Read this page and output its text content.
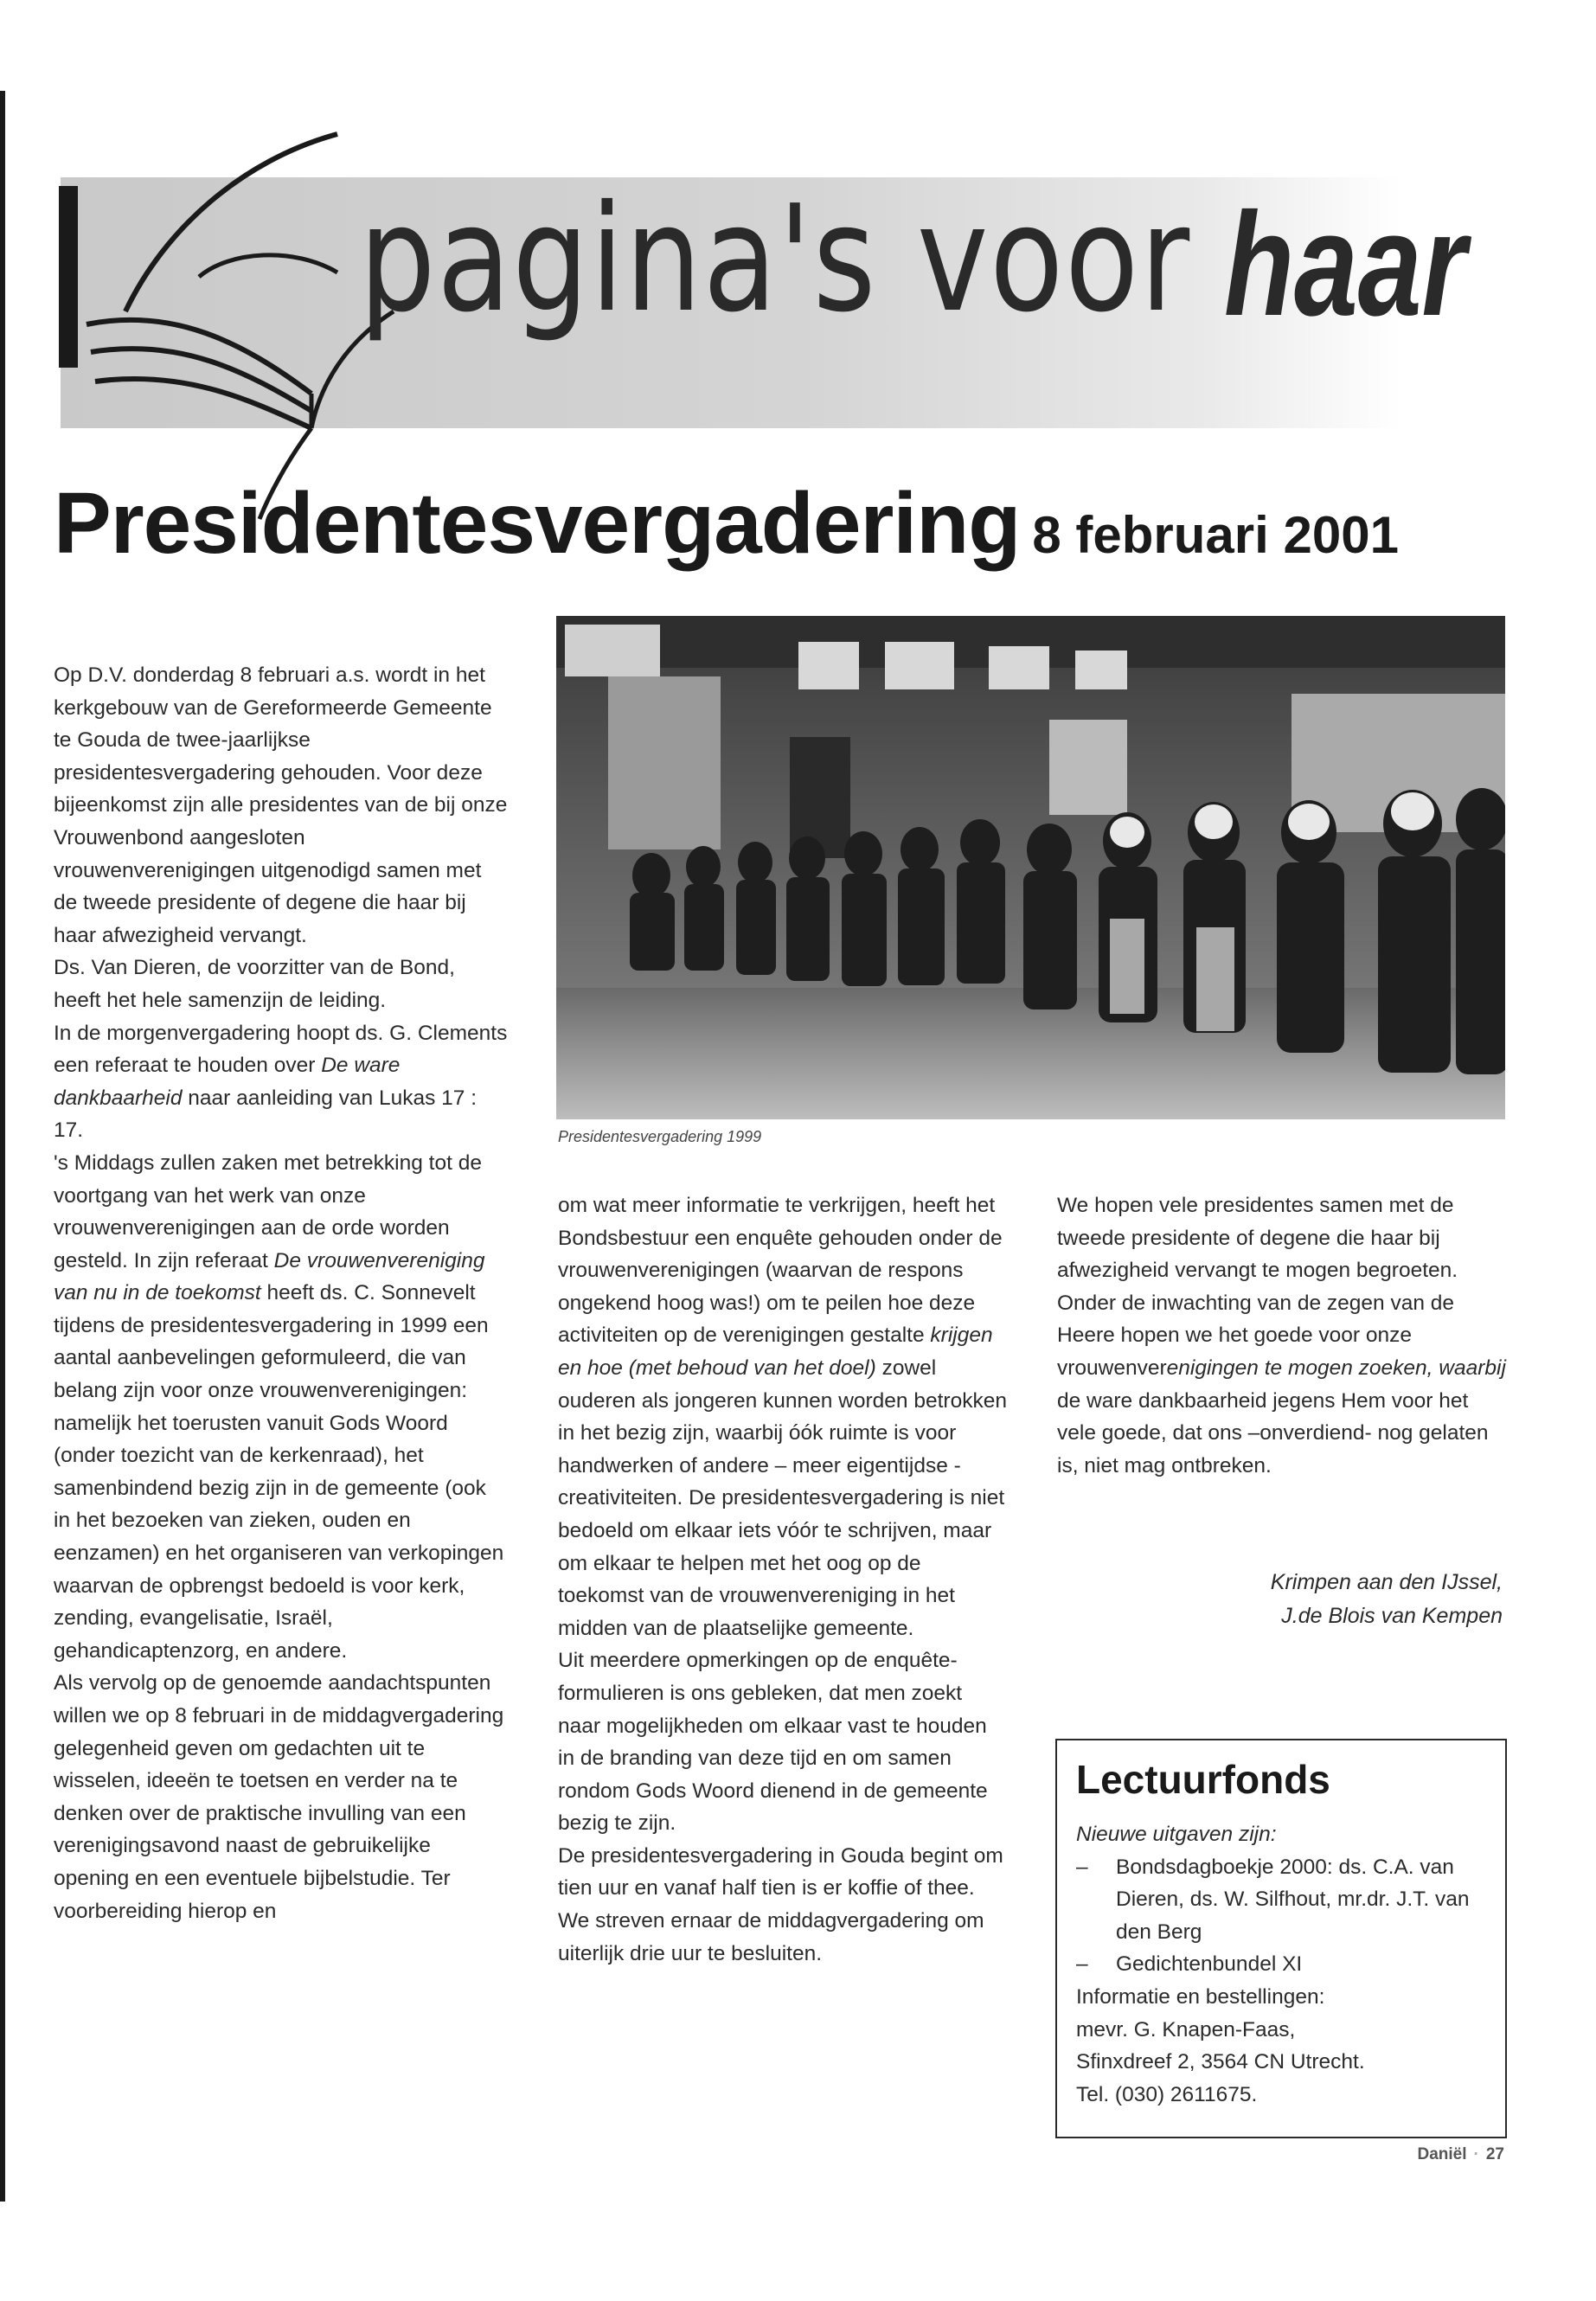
pagina's voor haar
Presidentesvergadering 8 februari 2001

Op D.V. donderdag 8 februari a.s. wordt in het kerkgebouw van de Gereformeerde Gemeente te Gouda de twee-jaarlijkse presidentesvergadering gehouden. Voor deze bijeenkomst zijn alle presidentes van de bij onze Vrouwenbond aangesloten vrouwenverenigingen uitgenodigd samen met de tweede presidente of degene die haar bij haar afwezigheid vervangt.

Ds. Van Dieren, de voorzitter van de Bond, heeft het hele samenzijn de leiding.

In de morgenvergadering hoopt ds. G. Clements een referaat te houden over De ware dankbaarheid naar aanleiding van Lukas 17 : 17.

's Middags zullen zaken met betrekking tot de voortgang van het werk van onze vrouwenverenigingen aan de orde worden gesteld. In zijn referaat De vrouwenvereniging van nu in de toekomst heeft ds. C. Sonnevelt tijdens de presidentesvergadering in 1999 een aantal aanbevelingen geformuleerd, die van belang zijn voor onze vrouwenverenigingen: namelijk het toerusten vanuit Gods Woord (onder toezicht van de kerkenraad), het samenbindend bezig zijn in de gemeente (ook in het bezoeken van zieken, ouden en eenzamen) en het organiseren van verkopingen waarvan de opbrengst bedoeld is voor kerk, zending, evangelisatie, Israël, gehandicaptenzorg, en andere.

Als vervolg op de genoemde aandachtspunten willen we op 8 februari in de middagvergadering gelegenheid geven om gedachten uit te wisselen, ideeën te toetsen en verder na te denken over de praktische invulling van een verenigingsavond naast de gebruikelijke opening en een eventuele bijbelstudie. Ter voorbereiding hierop en

Presidentesvergadering 1999

om wat meer informatie te verkrijgen, heeft het Bondsbestuur een enquête gehouden onder de vrouwenverenigingen (waarvan de respons ongekend hoog was!) om te peilen hoe deze activiteiten op de verenigingen gestalte krijgen en hoe (met behoud van het doel) zowel ouderen als jongeren kunnen worden betrokken in het bezig zijn, waarbij óók ruimte is voor handwerken of andere – meer eigentijdse - creativiteiten. De presidentesvergadering is niet bedoeld om elkaar iets vóór te schrijven, maar om elkaar te helpen met het oog op de toekomst van de vrouwenvereniging in het midden van de plaatselijke gemeente.

Uit meerdere opmerkingen op de enquête-formulieren is ons gebleken, dat men zoekt naar mogelijkheden om elkaar vast te houden in de branding van deze tijd en om samen rondom Gods Woord dienend in de gemeente bezig te zijn.

De presidentesvergadering in Gouda begint om tien uur en vanaf half tien is er koffie of thee. We streven ernaar de middagvergadering om uiterlijk drie uur te besluiten.

We hopen vele presidentes samen met de tweede presidente of degene die haar bij afwezigheid vervangt te mogen begroeten. Onder de inwachting van de zegen van de Heere hopen we het goede voor onze vrouwenverenigingen te mogen zoeken, waarbij de ware dankbaarheid jegens Hem voor het vele goede, dat ons –onverdiend- nog gelaten is, niet mag ontbreken.

Krimpen aan den IJssel,
J.de Blois van Kempen
Lectuurfonds
Nieuwe uitgaven zijn:
– Bondsdagboekje 2000: ds. C.A. van Dieren, ds. W. Silfhout, mr.dr. J.T. van den Berg
– Gedichtenbundel XI
Informatie en bestellingen:
mevr. G. Knapen-Faas,
Sfinxdreef 2, 3564 CN Utrecht.
Tel. (030) 2611675.
Daniël · 27
